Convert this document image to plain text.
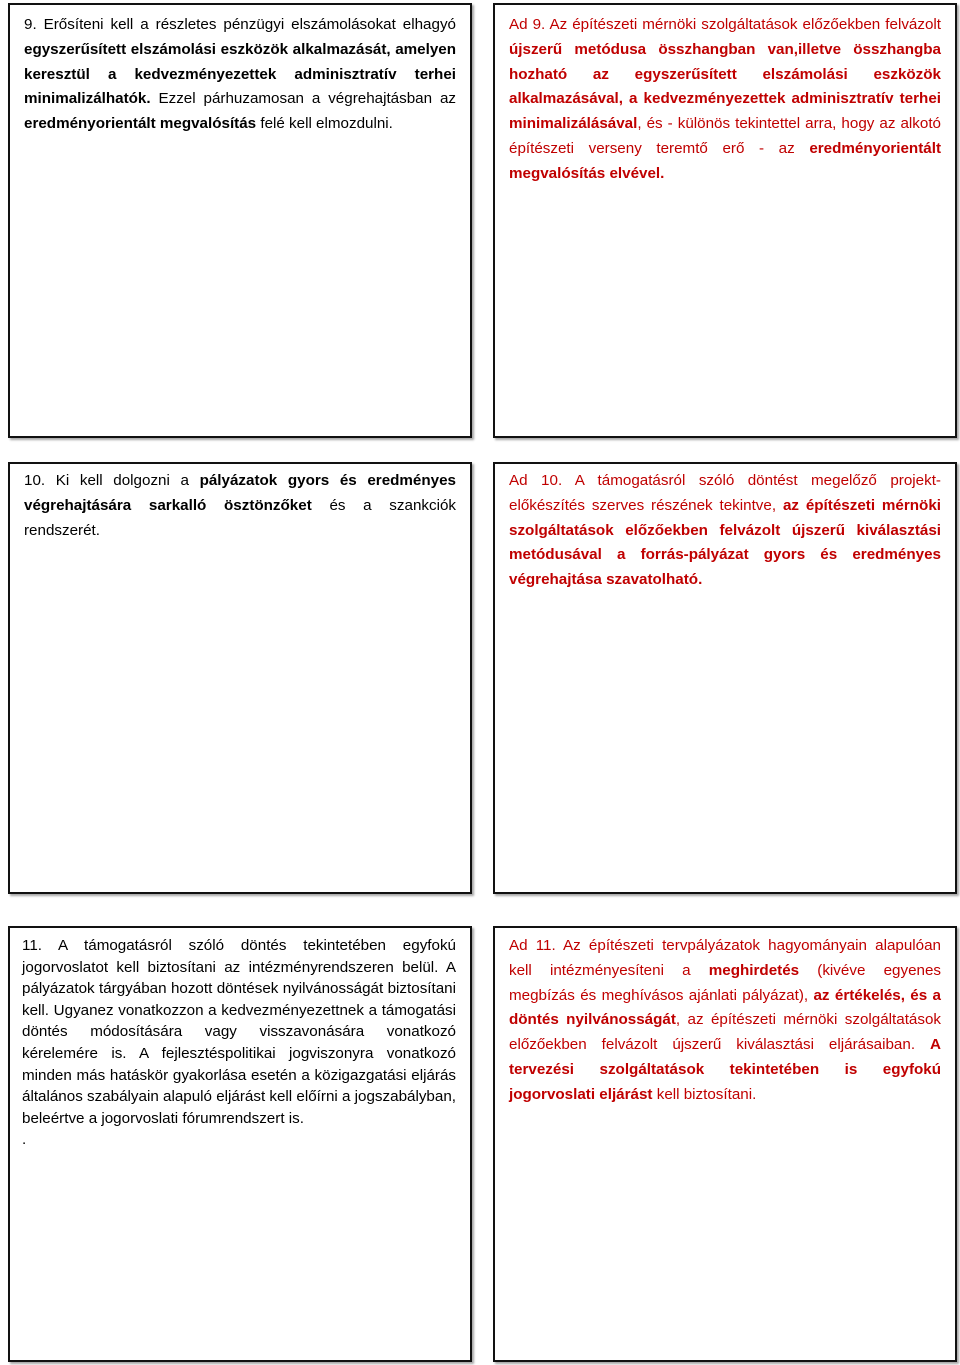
9. Erősíteni kell a részletes pénzügyi elszámolásokat elhagyó egyszerűsített elszámolási eszközök alkalmazását, amelyen keresztül a kedvezményezettek adminisztratív terhei minimalizálhatók. Ezzel párhuzamosan a végrehajtásban az eredményorientált megvalósítás felé kell elmozdulni.

Ad 9. Az építészeti mérnöki szolgáltatások előzőekben felvázolt újszerű metódusa összhangban van,illetve összhangba hozható az egyszerűsített elszámolási eszközök alkalmazásával, a kedvezményezettek adminisztratív terhei minimalizálásával, és - különös tekintettel arra, hogy az alkotó építészeti verseny teremtő erő - az eredményorientált megvalósítás elvével.

10. Ki kell dolgozni a pályázatok gyors és eredményes végrehajtására sarkalló ösztönzőket és a szankciók rendszerét.

Ad 10. A támogatásról szóló döntést megelőző projekt-előkészítés szerves részének tekintve, az építészeti mérnöki szolgáltatások előzőekben felvázolt újszerű kiválasztási metódusával a forrás-pályázat gyors és eredményes végrehajtása szavatolható.

11. A támogatásról szóló döntés tekintetében egyfokú jogorvoslatot kell biztosítani az intézményrendszeren belül. A pályázatok tárgyában hozott döntések nyilvánosságát biztosítani kell. Ugyanez vonatkozzon a kedvezményezettnek a támogatási döntés módosítására vagy visszavonására vonatkozó kérelemére is. A fejlesztéspolitikai jogviszonyra vonatkozó minden más hatáskör gyakorlása esetén a közigazgatási eljárás általános szabályain alapuló eljárást kell előírni a jogszabályban, beleértve a jogorvoslati fórumrendszert is.

.

Ad 11. Az építészeti tervpályázatok hagyományain alapulóan kell intézményesíteni a meghirdetés (kivéve egyenes megbízás és meghívásos ajánlati pályázat), az értékelés, és a döntés nyilvánosságát, az építészeti mérnöki szolgáltatások előzőekben felvázolt újszerű kiválasztási eljárásaiban. A tervezési szolgáltatások tekintetében is egyfokú jogorvoslati eljárást kell biztosítani.
